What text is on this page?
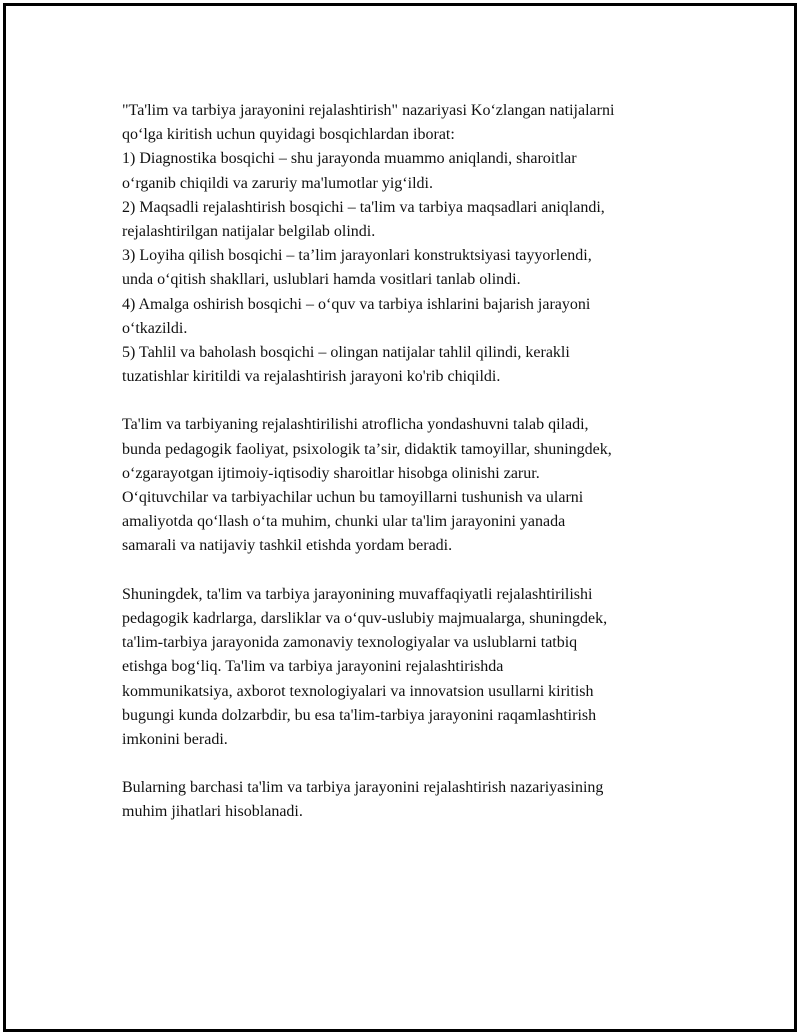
"Ta'lim va tarbiya jarayonini rejalashtirish" nazariyasi Koʻzlangan natijalarni
qoʻlga kiritish uchun quyidagi bosqichlardan iborat:
1) Diagnostika bosqichi – shu jarayonda muammo aniqlandi, sharoitlar
oʻrganib chiqildi va zaruriy ma'lumotlar yigʻildi.
2) Maqsadli rejalashtirish bosqichi – ta'lim va tarbiya maqsadlari aniqlandi,
rejalashtirilgan natijalar belgilab olindi.
3) Loyiha qilish bosqichi – taʼlim jarayonlari konstruktsiyasi tayyorlendi,
unda oʻqitish shakllari, uslublari hamda vositlari tanlab olindi.
4) Amalga oshirish bosqichi – oʻquv va tarbiya ishlarini bajarish jarayoni
oʻtkazildi.
5) Tahlil va baholash bosqichi – olingan natijalar tahlil qilindi, kerakli
tuzatishlar kiritildi va rejalashtirish jarayoni ko'rib chiqildi.
Ta'lim va tarbiyaning rejalashtirilishi atroflicha yondashuvni talab qiladi,
bunda pedagogik faoliyat, psixologik taʼsir, didaktik tamoyillar, shuningdek,
oʻzgarayotgan ijtimoiy-iqtisodiy sharoitlar hisobga olinishi zarur.
Oʻqituvchilar va tarbiyachilar uchun bu tamoyillarni tushunish va ularni
amaliyotda qoʻllash oʻta muhim, chunki ular ta'lim jarayonini yanada
samarali va natijaviy tashkil etishda yordam beradi.
Shuningdek, ta'lim va tarbiya jarayonining muvaffaqiyatli rejalashtirilishi
pedagogik kadrlarga, darsliklar va oʻquv-uslubiy majmualarga, shuningdek,
ta'lim-tarbiya jarayonida zamonaviy texnologiyalar va uslublarni tatbiq
etishga bogʻliq. Ta'lim va tarbiya jarayonini rejalashtirishda
kommunikatsiya, axborot texnologiyalari va innovatsion usullarni kiritish
bugungi kunda dolzarbdir, bu esa ta'lim-tarbiya jarayonini raqamlashtirish
imkonini beradi.
Bularning barchasi ta'lim va tarbiya jarayonini rejalashtirish nazariyasining
muhim jihatlari hisoblanadi.
